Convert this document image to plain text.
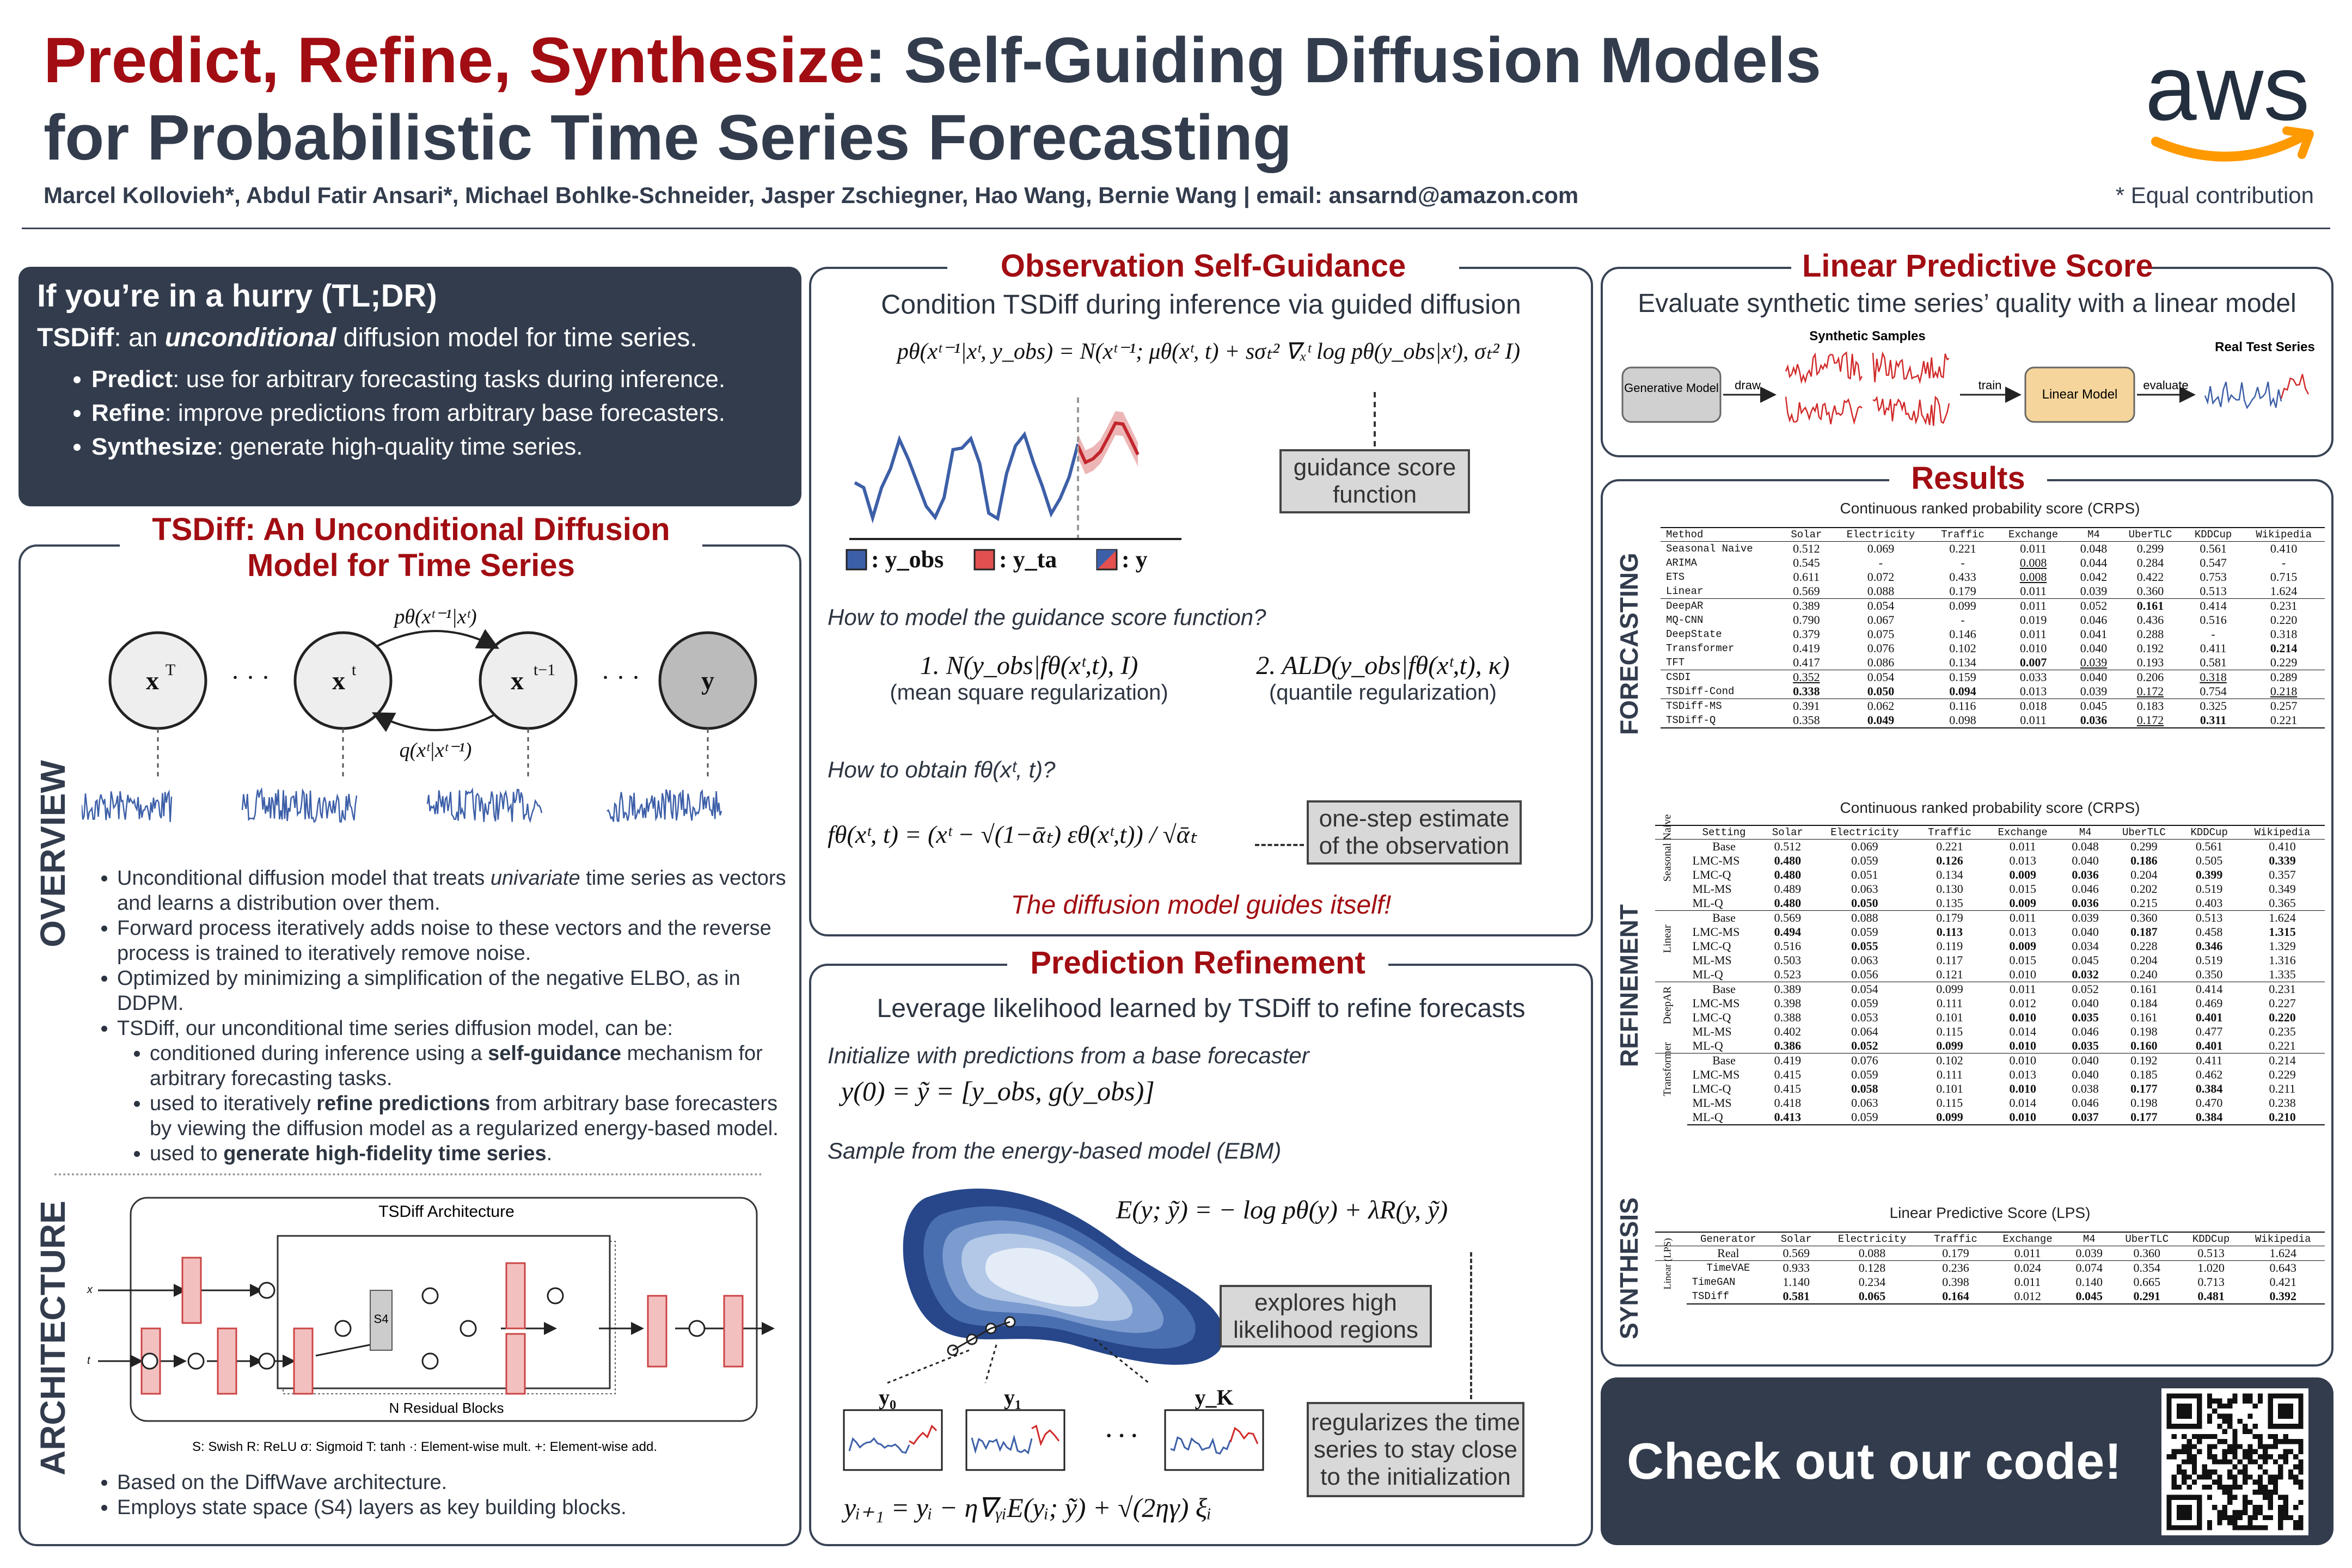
Predict, Refine, Synthesize: Self-Guiding Diffusion Models
for Probabilistic Time Series Forecasting
Marcel Kollovieh*, Abdul Fatir Ansari*, Michael Bohlke-Schneider, Jasper Zschiegner, Hao Wang, Bernie Wang | email: ansarnd@amazon.com	* Equal contribution
aws
If you’re in a hurry (TL;DR)
TSDiff: an unconditional diffusion model for time series.
• Predict: use for arbitrary forecasting tasks during inference.
• Refine: improve predictions from arbitrary base forecasters.
• Synthesize: generate high-quality time series.
TSDiff: An Unconditional Diffusion
Model for Time Series
OVERVIEW
ARCHITECTURE
x T · · · x t	x t−1 · · · y
pθ(xᵗ⁻¹|xᵗ)
q(xᵗ|xᵗ⁻¹)
• Unconditional diffusion model that treats univariate time series as vectors and learns a distribution over them.
• Forward process iteratively adds noise to these vectors and the reverse process is trained to iteratively remove noise.
• Optimized by minimizing a simplification of the negative ELBO, as in DDPM.
• TSDiff, our unconditional time series diffusion model, can be:
• conditioned during inference using a self-guidance mechanism for arbitrary forecasting tasks.
• used to iteratively refine predictions from arbitrary base forecasters by viewing the diffusion model as a regularized energy-based model.
• used to generate high-fidelity time series.
TSDiff Architecture
N Residual Blocks
x
t
S4
S: Swish R: ReLU σ: Sigmoid T: tanh ·: Element-wise mult. +: Element-wise add.
• Based on the DiffWave architecture.
• Employs state space (S4) layers as key building blocks.
Observation Self-Guidance
Condition TSDiff during inference via guided diffusion
pθ(xᵗ⁻¹|xᵗ, y_obs) = N(xᵗ⁻¹; μθ(xᵗ, t) + sσₜ² ∇ₓᵗ log pθ(y_obs|xᵗ), σₜ² I)
: y_obs : y_ta	: y
guidance score function
How to model the guidance score function?
1. N(y_obs|fθ(xᵗ,t), I)
(mean square regularization)
2. ALD(y_obs|fθ(xᵗ,t), κ)
(quantile regularization)
How to obtain fθ(xᵗ, t)?
fθ(xᵗ, t) = (xᵗ − √(1−ᾱₜ) εθ(xᵗ,t)) / √ᾱₜ
one-step estimate of the observation
The diffusion model guides itself!
Prediction Refinement
Leverage likelihood learned by TSDiff to refine forecasts
Initialize with predictions from a base forecaster
y(0) = ỹ = [y_obs, g(y_obs)]
Sample from the energy-based model (EBM)
E(y; ỹ) = − log pθ(y) + λR(y, ỹ)
explores high likelihood regions
regularizes the time series to stay close to the initialization
y₀	y₁	y_K
· · ·
yᵢ₊₁ = yᵢ − η∇ᵧᵢE(yᵢ; ỹ) + √(2ηγ) ξᵢ
Linear Predictive Score
Evaluate synthetic time series’ quality with a linear model
Generative Model draw
Synthetic Samples
train
Linear Model
evaluate
Real Test Series
Results
FORECASTING
REFINEMENT
SYNTHESIS
Continuous ranked probability score (CRPS)
Method	Solar	Electricity	Traffic	Exchange	M4	UberTLC	KDDCup	Wikipedia
Seasonal Naive	0.512	0.069	0.221	0.011	0.048	0.299	0.561	0.410
ARIMA	0.545	-	-	0.008	0.044	0.284	0.547	-
ETS	0.611	0.072	0.433	0.008	0.042	0.422	0.753	0.715
Linear	0.569	0.088	0.179	0.011	0.039	0.360	0.513	1.624
DeepAR	0.389	0.054	0.099	0.011	0.052	0.161	0.414	0.231
MQ-CNN	0.790	0.067	-	0.019	0.046	0.436	0.516	0.220
DeepState	0.379	0.075	0.146	0.011	0.041	0.288	-	0.318
Transformer	0.419	0.076	0.102	0.010	0.040	0.192	0.411	0.214
TFT	0.417	0.086	0.134	0.007	0.039	0.193	0.581	0.229
CSDI	0.352	0.054	0.159	0.033	0.040	0.206	0.318	0.289
TSDiff-Cond	0.338	0.050	0.094	0.013	0.039	0.172	0.754	0.218
TSDiff-MS	0.391	0.062	0.116	0.018	0.045	0.183	0.325	0.257
TSDiff-Q	0.358	0.049	0.098	0.011	0.036	0.172	0.311	0.221
Continuous ranked probability score (CRPS)
	Setting	Solar	Electricity	Traffic	Exchange	M4	UberTLC	KDDCup	Wikipedia

Seasonal Naive	Base	0.512	0.069	0.221	0.011	0.048	0.299	0.561	0.410
	LMC-MS	0.480	0.059	0.126	0.013	0.040	0.186	0.505	0.339
	LMC-Q	0.480	0.051	0.134	0.009	0.036	0.204	0.399	0.357
	ML-MS	0.489	0.063	0.130	0.015	0.046	0.202	0.519	0.349
	ML-Q	0.480	0.050	0.135	0.009	0.036	0.215	0.403	0.365

Linear	Base	0.569	0.088	0.179	0.011	0.039	0.360	0.513	1.624
	LMC-MS	0.494	0.059	0.113	0.013	0.040	0.187	0.458	1.315
	LMC-Q	0.516	0.055	0.119	0.009	0.034	0.228	0.346	1.329
	ML-MS	0.503	0.063	0.117	0.015	0.045	0.204	0.519	1.316
	ML-Q	0.523	0.056	0.121	0.010	0.032	0.240	0.350	1.335

DeepAR	Base	0.389	0.054	0.099	0.011	0.052	0.161	0.414	0.231
	LMC-MS	0.398	0.059	0.111	0.012	0.040	0.184	0.469	0.227
	LMC-Q	0.388	0.053	0.101	0.010	0.035	0.161	0.401	0.220
	ML-MS	0.402	0.064	0.115	0.014	0.046	0.198	0.477	0.235
	ML-Q	0.386	0.052	0.099	0.010	0.035	0.160	0.401	0.221

Transformer	Base	0.419	0.076	0.102	0.010	0.040	0.192	0.411	0.214
	LMC-MS	0.415	0.059	0.111	0.013	0.040	0.185	0.462	0.229
	LMC-Q	0.415	0.058	0.101	0.010	0.038	0.177	0.384	0.211
	ML-MS	0.418	0.063	0.115	0.014	0.046	0.198	0.470	0.238
	ML-Q	0.413	0.059	0.099	0.010	0.037	0.177	0.384	0.210
Linear Predictive Score (LPS)
	Generator	Solar	Electricity	Traffic	Exchange	M4	UberTLC	KDDCup	Wikipedia
	Real	0.569	0.088	0.179	0.011	0.039	0.360	0.513	1.624

Linear (LPS)	TimeVAE	0.933	0.128	0.236	0.024	0.074	0.354	1.020	0.643
	TimeGAN	1.140	0.234	0.398	0.011	0.140	0.665	0.713	0.421
	TSDiff	0.581	0.065	0.164	0.012	0.045	0.291	0.481	0.392
Check out our code!
